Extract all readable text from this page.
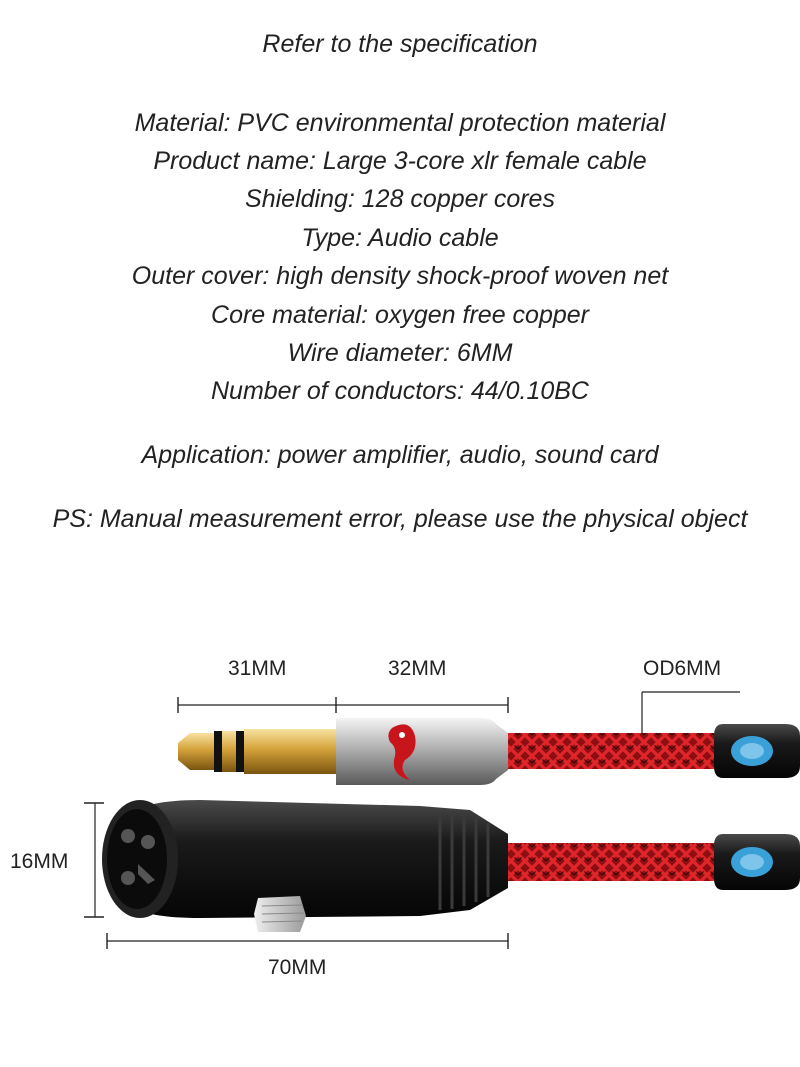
Refer to the specification
Material: PVC environmental protection material
Product name: Large 3-core xlr female cable
Shielding: 128 copper cores
Type: Audio cable
Outer cover: high density shock-proof woven net
Core material: oxygen free copper
Wire diameter: 6MM
Number of conductors: 44/0.10BC
Application: power amplifier, audio, sound card
PS: Manual measurement error, please use the physical object
31MM	32MM	OD6MM
16MM
70MM
